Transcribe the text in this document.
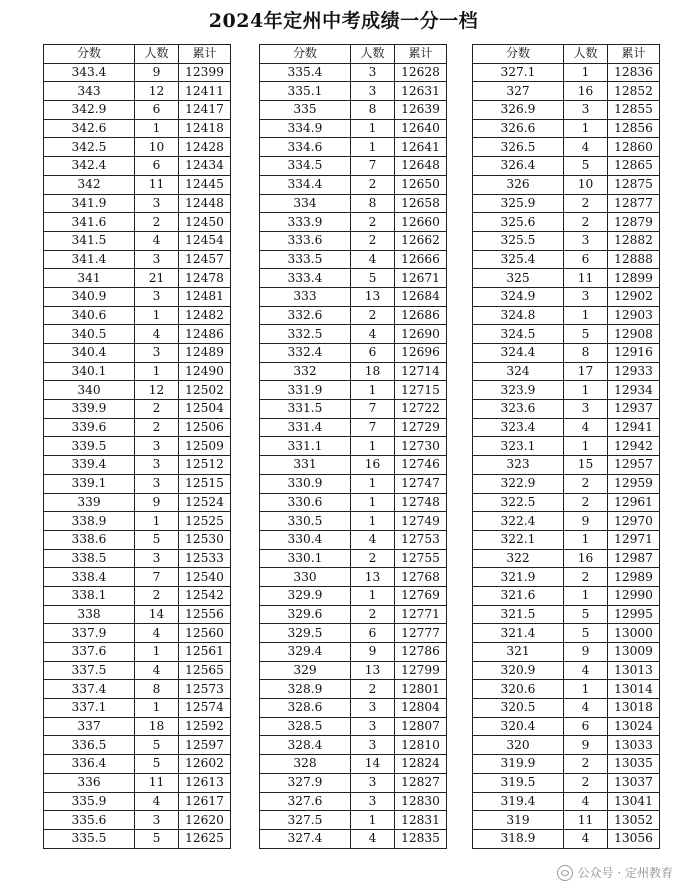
2024年定州中考成绩一分一档
分数	人数	累计
343.4	9	12399
343	12	12411
342.9	6	12417
342.6	1	12418
342.5	10	12428
342.4	6	12434
342	11	12445
341.9	3	12448
341.6	2	12450
341.5	4	12454
341.4	3	12457
341	21	12478
340.9	3	12481
340.6	1	12482
340.5	4	12486
340.4	3	12489
340.1	1	12490
340	12	12502
339.9	2	12504
339.6	2	12506
339.5	3	12509
339.4	3	12512
339.1	3	12515
339	9	12524
338.9	1	12525
338.6	5	12530
338.5	3	12533
338.4	7	12540
338.1	2	12542
338	14	12556
337.9	4	12560
337.6	1	12561
337.5	4	12565
337.4	8	12573
337.1	1	12574
337	18	12592
336.5	5	12597
336.4	5	12602
336	11	12613
335.9	4	12617
335.6	3	12620
335.5	5	12625
分数	人数	累计
335.4	3	12628
335.1	3	12631
335	8	12639
334.9	1	12640
334.6	1	12641
334.5	7	12648
334.4	2	12650
334	8	12658
333.9	2	12660
333.6	2	12662
333.5	4	12666
333.4	5	12671
333	13	12684
332.6	2	12686
332.5	4	12690
332.4	6	12696
332	18	12714
331.9	1	12715
331.5	7	12722
331.4	7	12729
331.1	1	12730
331	16	12746
330.9	1	12747
330.6	1	12748
330.5	1	12749
330.4	4	12753
330.1	2	12755
330	13	12768
329.9	1	12769
329.6	2	12771
329.5	6	12777
329.4	9	12786
329	13	12799
328.9	2	12801
328.6	3	12804
328.5	3	12807
328.4	3	12810
328	14	12824
327.9	3	12827
327.6	3	12830
327.5	1	12831
327.4	4	12835
分数	人数	累计
327.1	1	12836
327	16	12852
326.9	3	12855
326.6	1	12856
326.5	4	12860
326.4	5	12865
326	10	12875
325.9	2	12877
325.6	2	12879
325.5	3	12882
325.4	6	12888
325	11	12899
324.9	3	12902
324.8	1	12903
324.5	5	12908
324.4	8	12916
324	17	12933
323.9	1	12934
323.6	3	12937
323.4	4	12941
323.1	1	12942
323	15	12957
322.9	2	12959
322.5	2	12961
322.4	9	12970
322.1	1	12971
322	16	12987
321.9	2	12989
321.6	1	12990
321.5	5	12995
321.4	5	13000
321	9	13009
320.9	4	13013
320.6	1	13014
320.5	4	13018
320.4	6	13024
320	9	13033
319.9	2	13035
319.5	2	13037
319.4	4	13041
319	11	13052
318.9	4	13056
公众号 · 定州教育
